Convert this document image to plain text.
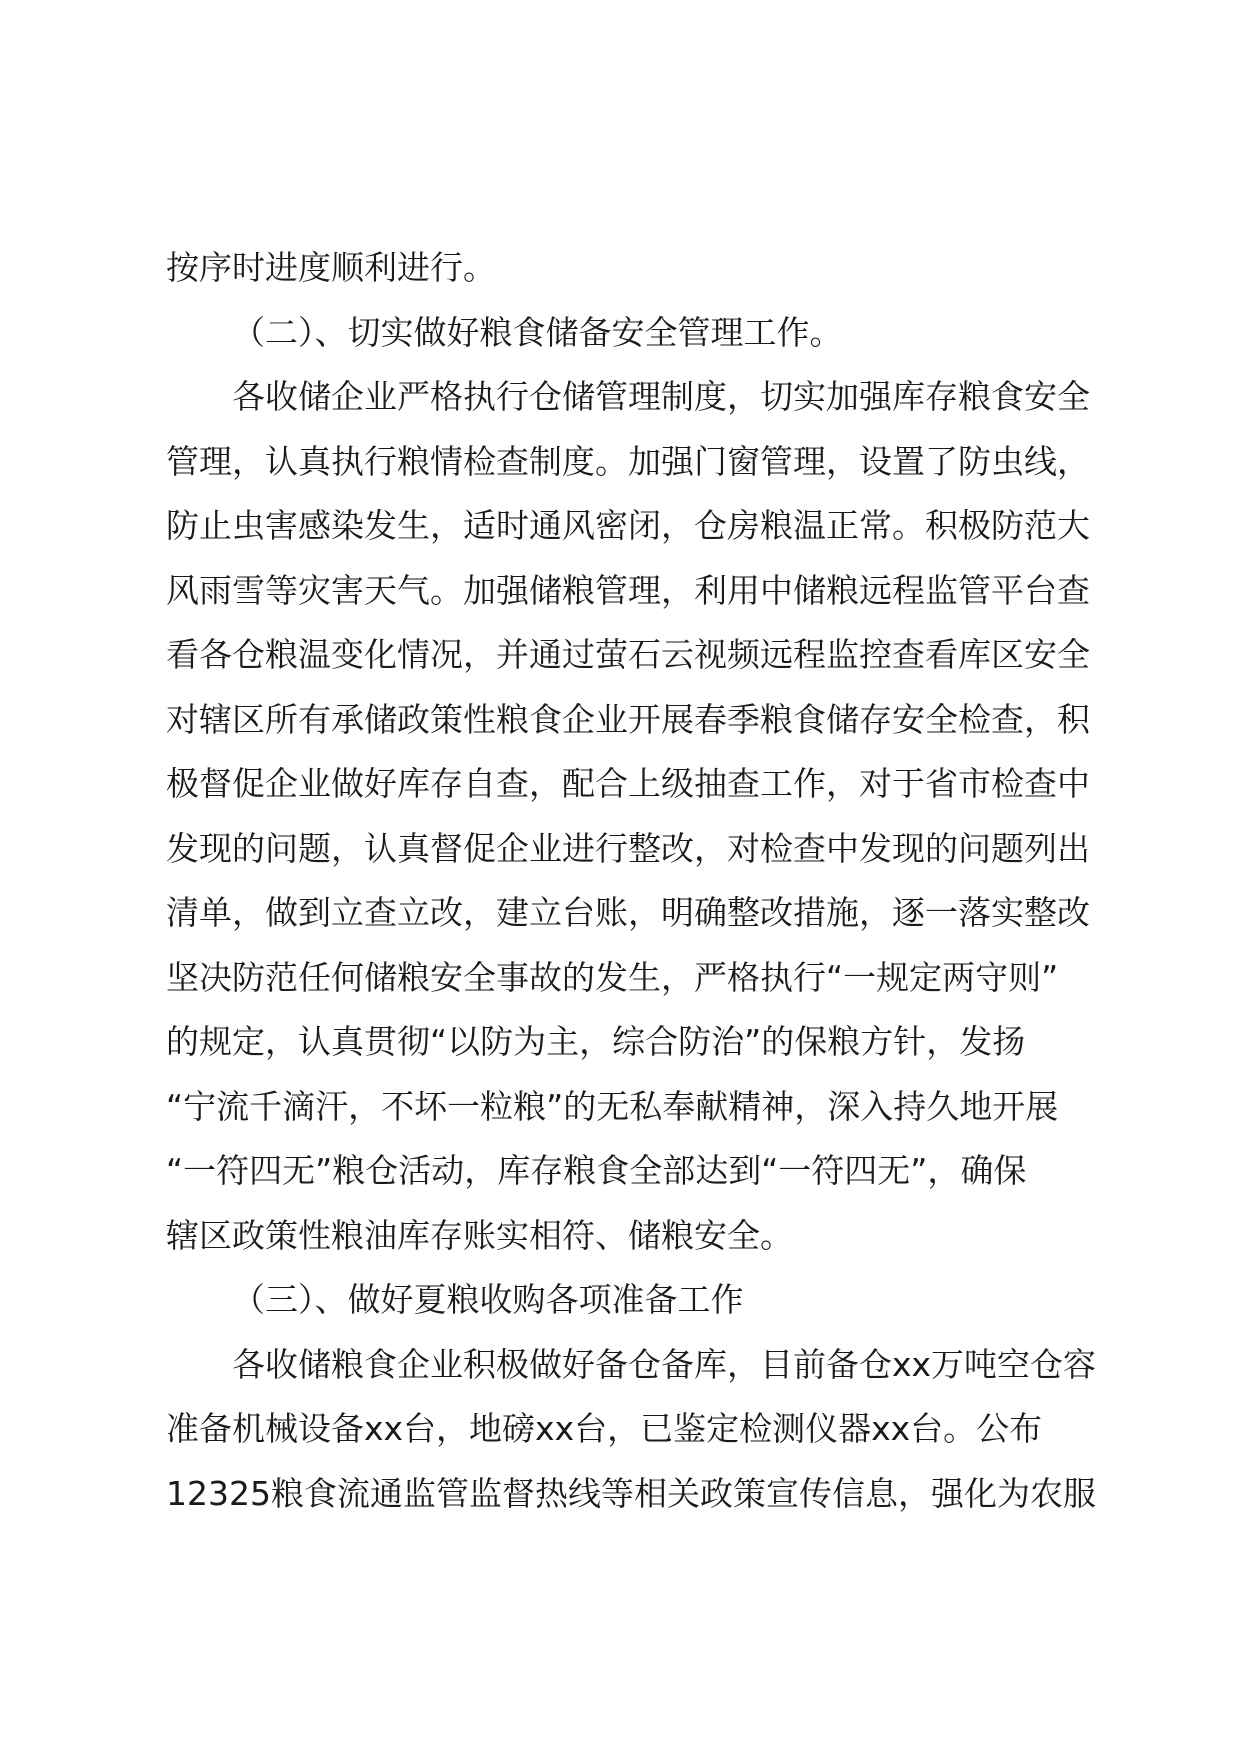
按序时进度顺利进行。
（二）、切实做好粮食储备安全管理工作。
各收储企业严格执行仓储管理制度，切实加强库存粮食安全
管理，认真执行粮情检查制度。加强门窗管理，设置了防虫线，
防止虫害感染发生，适时通风密闭，仓房粮温正常。积极防范大
风雨雪等灾害天气。加强储粮管理，利用中储粮远程监管平台查
看各仓粮温变化情况，并通过萤石云视频远程监控查看库区安全
对辖区所有承储政策性粮食企业开展春季粮食储存安全检查，积
极督促企业做好库存自查，配合上级抽查工作，对于省市检查中
发现的问题，认真督促企业进行整改，对检查中发现的问题列出
清单，做到立查立改，建立台账，明确整改措施，逐一落实整改
坚决防范任何储粮安全事故的发生，严格执行“一规定两守则”
的规定，认真贯彻“以防为主，综合防治”的保粮方针，发扬
“宁流千滴汗，不坏一粒粮”的无私奉献精神，深入持久地开展
“一符四无”粮仓活动，库存粮食全部达到“一符四无”，确保
辖区政策性粮油库存账实相符、储粮安全。
（三）、做好夏粮收购各项准备工作
各收储粮食企业积极做好备仓备库，目前备仓xx万吨空仓容
准备机械设备xx台，地磅xx台，已鉴定检测仪器xx台。公布
12325粮食流通监管监督热线等相关政策宣传信息，强化为农服
